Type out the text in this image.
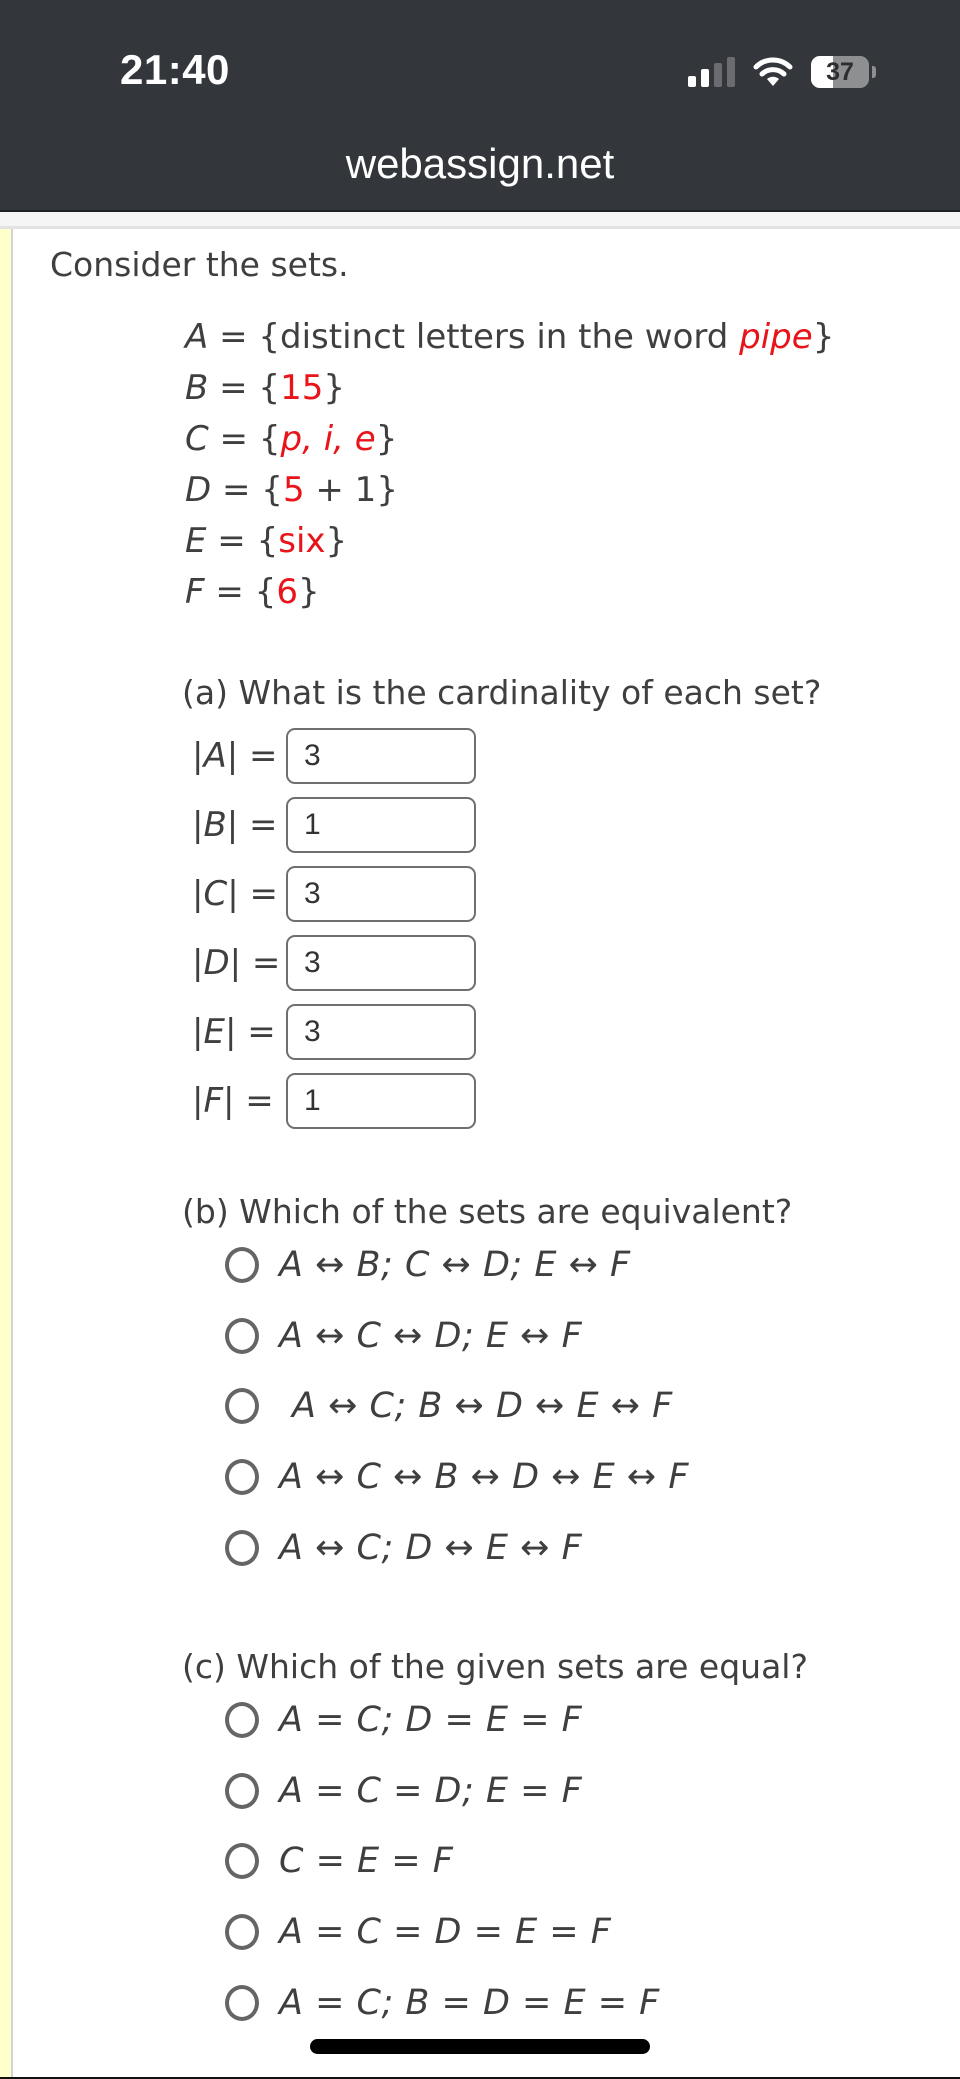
21:40	37
webassign.net
Consider the sets.
A = {distinct letters in the word pipe}
B = {15}
C = {p, i, e}
D = {5 + 1}
E = {six}
F = {6}
(a) What is the cardinality of each set?
|A| =
3
|B| =
1
|C| =
3
|D| =
3
|E| =
3
|F| =
1
(b) Which of the sets are equivalent?
A ↔ B; C ↔ D; E ↔ F
A ↔ C ↔ D; E ↔ F
A ↔ C; B ↔ D ↔ E ↔ F
A ↔ C ↔ B ↔ D ↔ E ↔ F
A ↔ C; D ↔ E ↔ F
(c) Which of the given sets are equal?
A = C; D = E = F
A = C = D; E = F
C = E = F
A = C = D = E = F
A = C; B = D = E = F
